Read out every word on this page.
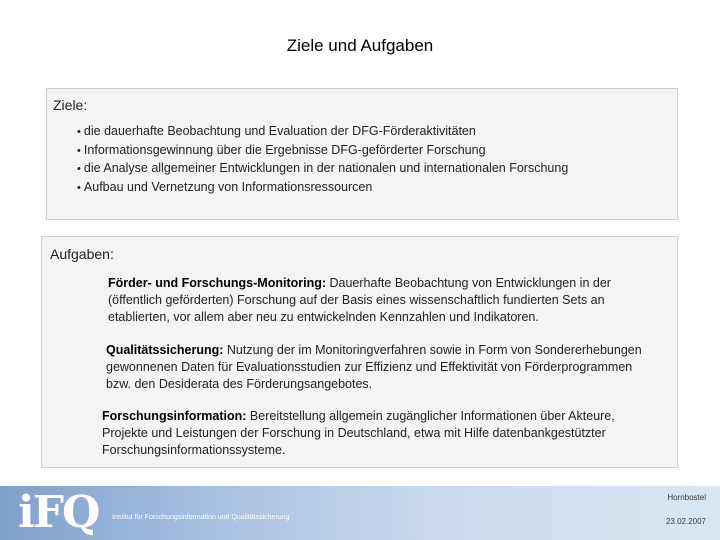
Ziele und Aufgaben
Ziele:
• die dauerhafte Beobachtung und Evaluation der DFG-Förderaktivitäten
• Informationsgewinnung über die Ergebnisse DFG-geförderter Forschung
• die Analyse allgemeiner Entwicklungen in der nationalen und internationalen Forschung
• Aufbau und Vernetzung von Informationsressourcen
Aufgaben:
Förder- und Forschungs-Monitoring: Dauerhafte Beobachtung von Entwicklungen in der (öffentlich geförderten) Forschung auf der Basis eines wissenschaftlich fundierten Sets an etablierten, vor allem aber neu zu entwickelnden Kennzahlen und Indikatoren.
Qualitätssicherung: Nutzung der im Monitoringverfahren sowie in Form von Sondererhebungen gewonnenen Daten für Evaluationsstudien zur Effizienz und Effektivität von Förderprogrammen bzw. den Desiderata des Förderungsangebotes.
Forschungsinformation: Bereitstellung allgemein zugänglicher Informationen über Akteure, Projekte und Leistungen der Forschung in Deutschland, etwa mit Hilfe datenbankgestützter Forschungsinformationssysteme.
iFQ Institut für Forschungsinformation und Qualitätssicherung
Hornbostel
23.02.2007
